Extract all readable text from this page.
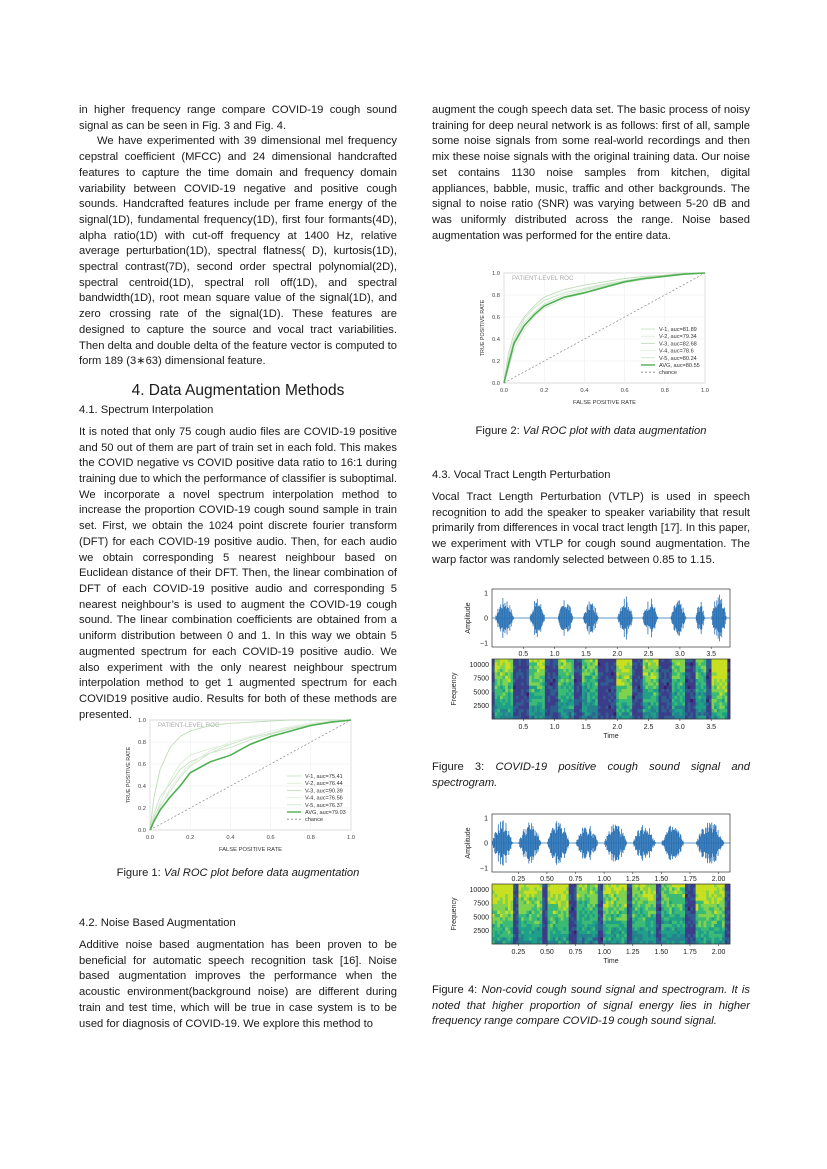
in higher frequency range compare COVID-19 cough sound signal as can be seen in Fig. 3 and Fig. 4.

We have experimented with 39 dimensional mel frequency cepstral coefficient (MFCC) and 24 dimensional handcrafted features to capture the time domain and frequency domain variability between COVID-19 negative and positive cough sounds. Handcrafted features include per frame energy of the signal(1D), fundamental frequency(1D), first four formants(4D), alpha ratio(1D) with cut-off frequency at 1400 Hz, relative average perturbation(1D), spectral flatness( D), kurtosis(1D), spectral contrast(7D), second order spectral polynomial(2D), spectral centroid(1D), spectral roll off(1D), and spectral bandwidth(1D), root mean square value of the signal(1D), and zero crossing rate of the signal(1D). These features are designed to capture the source and vocal tract variabilities. Then delta and double delta of the feature vector is computed to form 189 (3∗63) dimensional feature.

4. Data Augmentation Methods
4.1. Spectrum Interpolation

It is noted that only 75 cough audio files are COVID-19 positive and 50 out of them are part of train set in each fold. This makes the COVID negative vs COVID positive data ratio to 16:1 during training due to which the performance of classifier is suboptimal. We incorporate a novel spectrum interpolation method to increase the proportion COVID-19 cough sound sample in train set. First, we obtain the 1024 point discrete fourier transform (DFT) for each COVID-19 positive audio. Then, for each audio we obtain corresponding 5 nearest neighbour based on Euclidean distance of their DFT. Then, the linear combination of DFT of each COVID-19 positive audio and corresponding 5 nearest neighbour’s is used to augment the COVID-19 cough sound. The linear combination coefficients are obtained from a uniform distribution between 0 and 1. In this way we obtain 5 augmented spectrum for each COVID-19 positive audio. We also experiment with the only nearest neighbour spectrum interpolation method to get 1 augmented spectrum for each COVID19 positive audio. Results for both of these methods are presented.

0.0
0.0
0.2
0.2
0.4
0.4
0.6
0.6
0.8
0.8
1.0
1.0
PATIENT-LEVEL ROC
FALSE POSITIVE RATE
TRUE POSITIVE RATE	V-1, auc=75.41
V-2, auc=76.44
V-3, auc=90.39
V-4, auc=76.56
V-5, auc=76.37
AVG, auc=79.03
chance
Figure 1: Val ROC plot before data augmentation
4.2. Noise Based Augmentation

Additive noise based augmentation has been proven to be beneficial for automatic speech recognition task [16]. Noise based augmentation improves the performance when the acoustic environment(background noise) are different during train and test time, which will be true in case system is to be used for diagnosis of COVID-19. We explore this method to

augment the cough speech data set. The basic process of noisy training for deep neural network is as follows: first of all, sample some noise signals from some real-world recordings and then mix these noise signals with the original training data. Our noise set contains 1130 noise samples from kitchen, digital appliances, babble, music, traffic and other backgrounds. The signal to noise ratio (SNR) was varying between 5-20 dB and was uniformly distributed across the range. Noise based augmentation was performed for the entire data.

0.0
0.0
0.2
0.2
0.4
0.4
0.6
0.6
0.8
0.8
1.0
1.0
PATIENT-LEVEL ROC
FALSE POSITIVE RATE
TRUE POSITIVE RATE	V-1, auc=81.89
V-2, auc=79.34
V-3, auc=82.68
V-4, auc=78.6
V-5, auc=80.24
AVG, auc=80.55
chance
Figure 2: Val ROC plot with data augmentation
4.3. Vocal Tract Length Perturbation

Vocal Tract Length Perturbation (VTLP) is used in speech recognition to add the speaker to speaker variability that result primarily from differences in vocal tract length [17]. In this paper, we experiment with VTLP for cough sound augmentation. The warp factor was randomly selected between 0.85 to 1.15.

1
0
−1
Amplitude
10000
7500
5000
2500
Frequency
0.5
0.5
1.0
1.0
1.5
1.5
2.0
2.0
2.5
2.5
3.0
3.0
3.5
3.5
Time
Figure 3: COVID-19 positive cough sound signal and spectrogram.
1
0
−1
Amplitude
10000
7500
5000
2500
Frequency
0.25
0.25
0.50
0.50
0.75
0.75
1.00
1.00
1.25
1.25
1.50
1.50
1.75
1.75
2.00
2.00
Time
Figure 4: Non-covid cough sound signal and spectrogram. It is noted that higher proportion of signal energy lies in higher frequency range compare COVID-19 cough sound signal.
